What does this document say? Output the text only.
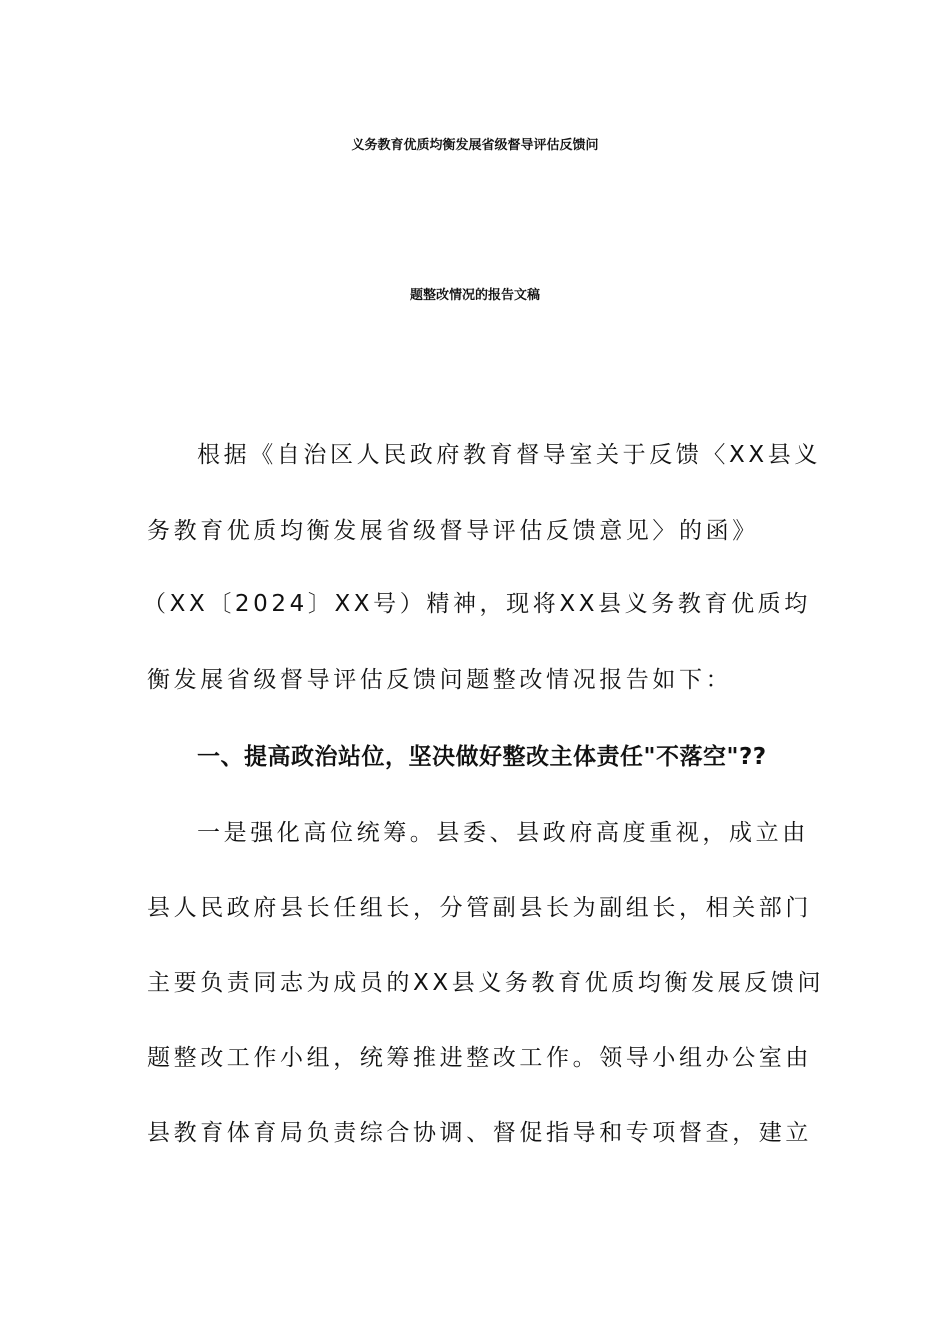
义务教育优质均衡发展省级督导评估反馈问
题整改情况的报告文稿
根据《自治区人民政府教育督导室关于反馈〈XX县义
务教育优质均衡发展省级督导评估反馈意见〉的函》
（XX〔2024〕XX号）精神，现将XX县义务教育优质均
衡发展省级督导评估反馈问题整改情况报告如下：
一、提高政治站位，坚决做好整改主体责任"不落空"??
一是强化高位统筹。县委、县政府高度重视，成立由
县人民政府县长任组长，分管副县长为副组长，相关部门
主要负责同志为成员的XX县义务教育优质均衡发展反馈问
题整改工作小组，统筹推进整改工作。领导小组办公室由
县教育体育局负责综合协调、督促指导和专项督查，建立
